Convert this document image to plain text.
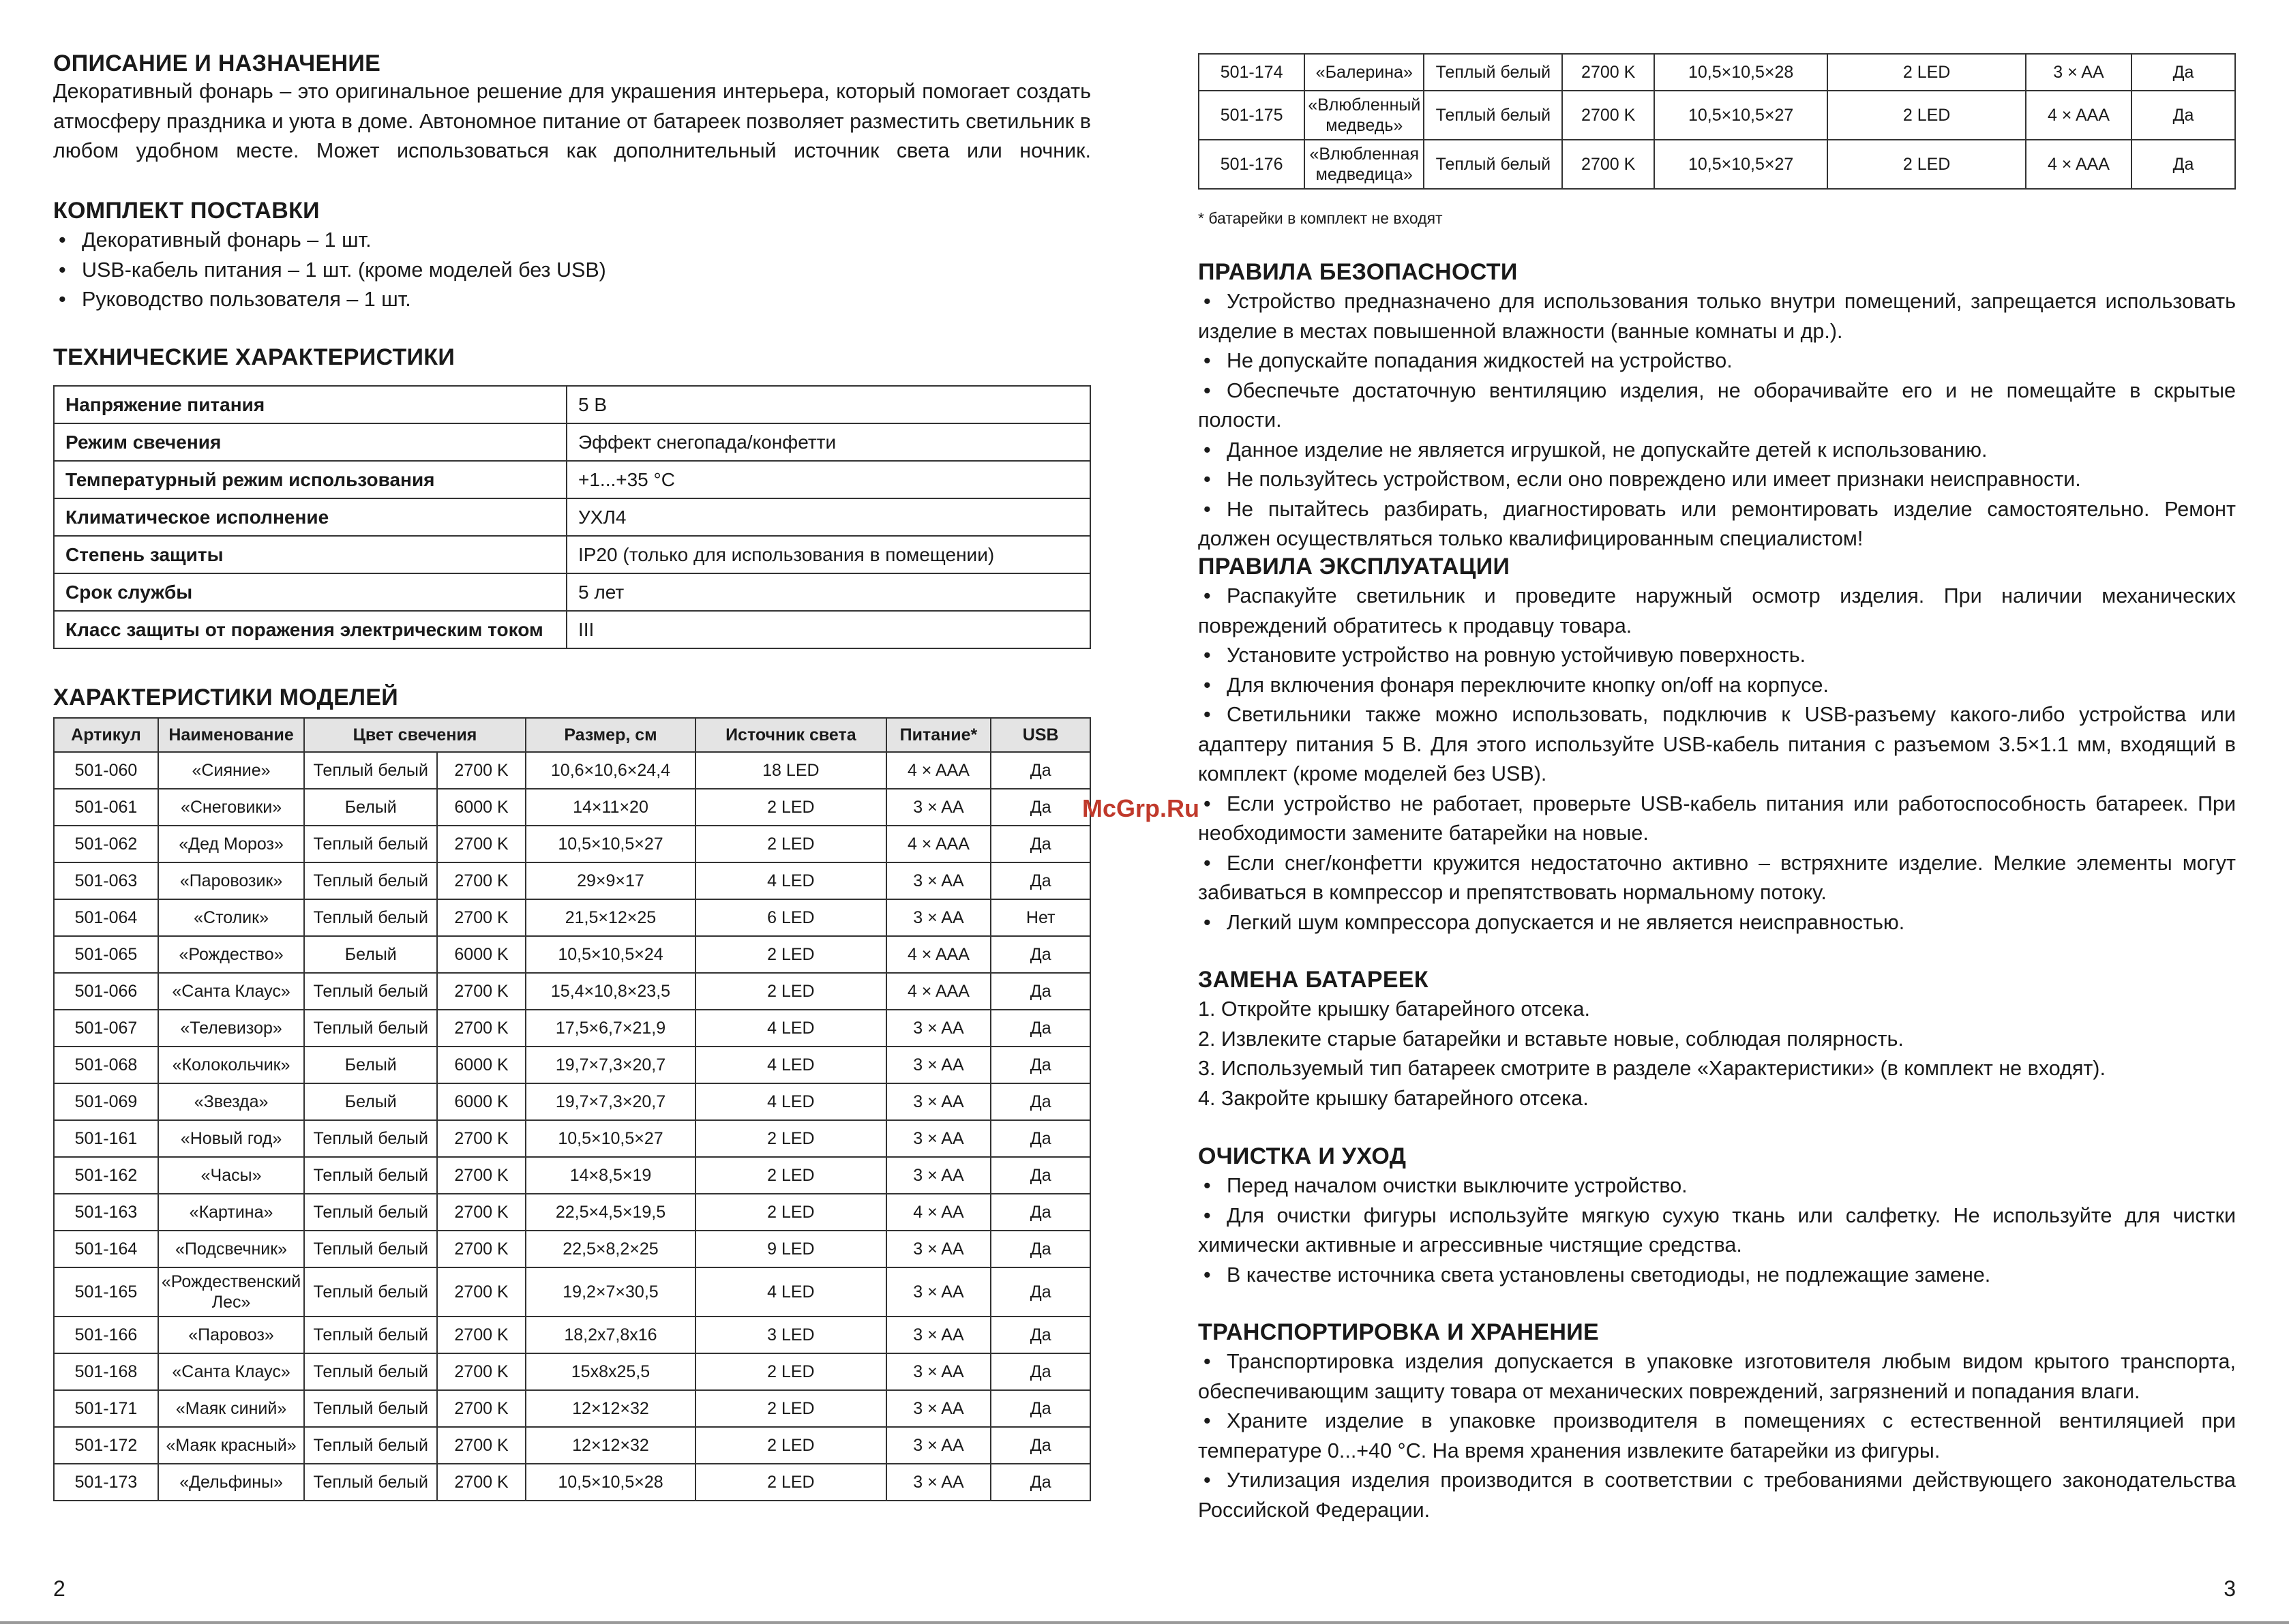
ОПИСАНИЕ И НАЗНАЧЕНИЕ

Декоративный фонарь – это оригинальное решение для украшения интерьера, который помогает создать атмосферу праздника и уюта в доме. Автономное питание от батареек позволяет разместить светильник в любом удобном месте. Может использоваться как дополнительный источник света или ночник.

КОМПЛЕКТ ПОСТАВКИ
• Декоративный фонарь – 1 шт.
• USB-кабель питания – 1 шт. (кроме моделей без USB)
• Руководство пользователя – 1 шт.
ТЕХНИЧЕСКИЕ ХАРАКТЕРИСТИКИ
Напряжение питания	5 В
Режим свечения	Эффект снегопада/конфетти
Температурный режим использования	+1...+35 °С
Климатическое исполнение	УХЛ4
Степень защиты	IP20 (только для использования в помещении)
Срок службы	5 лет
Класс защиты от поражения электрическим током	III
ХАРАКТЕРИСТИКИ МОДЕЛЕЙ
Артикул	Наименование	Цвет свечения		Размер, см	Источник света	Питание*	USB
501-060	«Сияние»	Теплый белый	2700 K	10,6×10,6×24,4	18 LED	4 × AAA	Да
501-061	«Снеговики»	Белый	6000 K	14×11×20	2 LED	3 × AA	Да
501-062	«Дед Мороз»	Теплый белый	2700 K	10,5×10,5×27	2 LED	4 × AAA	Да
501-063	«Паровозик»	Теплый белый	2700 K	29×9×17	4 LED	3 × AA	Да
501-064	«Столик»	Теплый белый	2700 K	21,5×12×25	6 LED	3 × AA	Нет
501-065	«Рождество»	Белый	6000 K	10,5×10,5×24	2 LED	4 × AAA	Да
501-066	«Санта Клаус»	Теплый белый	2700 K	15,4×10,8×23,5	2 LED	4 × AAA	Да
501-067	«Телевизор»	Теплый белый	2700 K	17,5×6,7×21,9	4 LED	3 × AA	Да
501-068	«Колокольчик»	Белый	6000 K	19,7×7,3×20,7	4 LED	3 × AA	Да
501-069	«Звезда»	Белый	6000 K	19,7×7,3×20,7	4 LED	3 × AA	Да
501-161	«Новый год»	Теплый белый	2700 K	10,5×10,5×27	2 LED	3 × AA	Да
501-162	«Часы»	Теплый белый	2700 K	14×8,5×19	2 LED	3 × AA	Да
501-163	«Картина»	Теплый белый	2700 K	22,5×4,5×19,5	2 LED	4 × AA	Да
501-164	«Подсвечник»	Теплый белый	2700 K	22,5×8,2×25	9 LED	3 × AA	Да
501-165	«Рождественский Лес»	Теплый белый	2700 K	19,2×7×30,5	4 LED	3 × AA	Да
501-166	«Паровоз»	Теплый белый	2700 K	18,2х7,8х16	3 LED	3 × AA	Да
501-168	«Санта Клаус»	Теплый белый	2700 K	15х8х25,5	2 LED	3 × AA	Да
501-171	«Маяк синий»	Теплый белый	2700 K	12×12×32	2 LED	3 × AA	Да
501-172	«Маяк красный»	Теплый белый	2700 K	12×12×32	2 LED	3 × AA	Да
501-173	«Дельфины»	Теплый белый	2700 K	10,5×10,5×28	2 LED	3 × AA	Да
2
McGrp.Ru
501-174	«Балерина»	Теплый белый	2700 K	10,5×10,5×28	2 LED	3 × AA	Да
501-175	«Влюбленный медведь»	Теплый белый	2700 K	10,5×10,5×27	2 LED	4 × AAA	Да
501-176	«Влюбленная медведица»	Теплый белый	2700 K	10,5×10,5×27	2 LED	4 × AAA	Да
* батарейки в комплект не входят
ПРАВИЛА БЕЗОПАСНОСТИ
• Устройство предназначено для использования только внутри помещений, запрещается использовать изделие в местах повышенной влажности (ванные комнаты и др.).
• Не допускайте попадания жидкостей на устройство.
• Обеспечьте достаточную вентиляцию изделия, не оборачивайте его и не помещайте в скрытые полости.
• Данное изделие не является игрушкой, не допускайте детей к использованию.
• Не пользуйтесь устройством, если оно повреждено или имеет признаки неисправности.
• Не пытайтесь разбирать, диагностировать или ремонтировать изделие самостоятельно. Ремонт должен осуществляться только квалифицированным специалистом!
ПРАВИЛА ЭКСПЛУАТАЦИИ
• Распакуйте светильник и проведите наружный осмотр изделия. При наличии механических повреждений обратитесь к продавцу товара.
• Установите устройство на ровную устойчивую поверхность.
• Для включения фонаря переключите кнопку on/off на корпусе.
• Светильники также можно использовать, подключив к USB-разъему какого-либо устройства или адаптеру питания 5 В. Для этого используйте USB-кабель питания с разъемом 3.5×1.1 мм, входящий в комплект (кроме моделей без USB).
• Если устройство не работает, проверьте USB-кабель питания или работоспособность батареек. При необходимости замените батарейки на новые.
• Если снег/конфетти кружится недостаточно активно – встряхните изделие. Мелкие элементы могут забиваться в компрессор и препятствовать нормальному потоку.
• Легкий шум компрессора допускается и не является неисправностью.
ЗАМЕНА БАТАРЕЕК
1. Откройте крышку батарейного отсека.
2. Извлеките старые батарейки и вставьте новые, соблюдая полярность.
3. Используемый тип батареек смотрите в разделе «Характеристики» (в комплект не входят).
4. Закройте крышку батарейного отсека.
ОЧИСТКА И УХОД
• Перед началом очистки выключите устройство.
• Для очистки фигуры используйте мягкую сухую ткань или салфетку. Не используйте для чистки химически активные и агрессивные чистящие средства.
• В качестве источника света установлены светодиоды, не подлежащие замене.
ТРАНСПОРТИРОВКА И ХРАНЕНИЕ
• Транспортировка изделия допускается в упаковке изготовителя любым видом крытого транспорта, обеспечивающим защиту товара от механических повреждений, загрязнений и попадания влаги.
• Храните изделие в упаковке производителя в помещениях с естественной вентиляцией при температуре 0...+40 °С. На время хранения извлеките батарейки из фигуры.
• Утилизация изделия производится в соответствии с требованиями действующего законодательства Российской Федерации.
3
